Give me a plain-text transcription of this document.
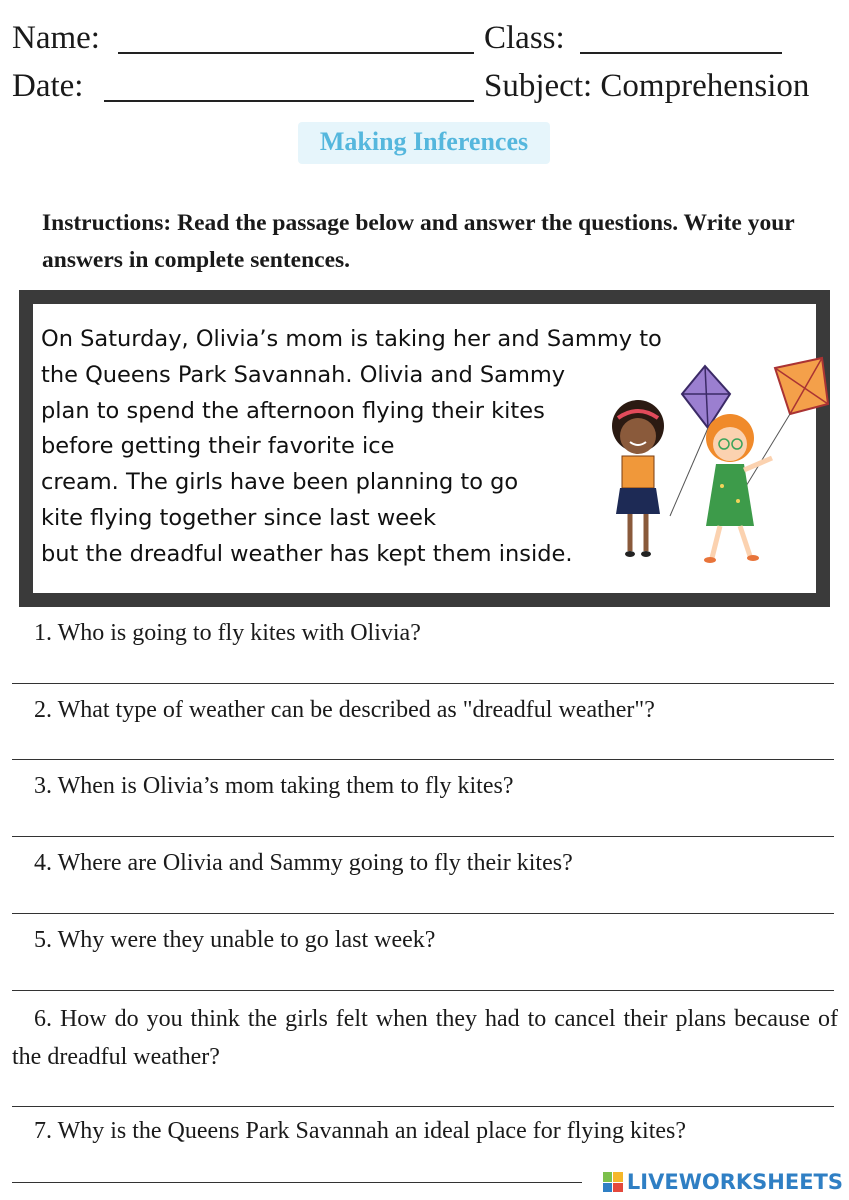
Name:	Class:
Date:	Subject: Comprehension
Making Inferences
Instructions: Read the passage below and answer the questions. Write your answers in complete sentences.
On Saturday, Olivia’s mom is taking her and Sammy to
the Queens Park Savannah. Olivia and Sammy
plan to spend the afternoon flying their kites
before getting their favorite ice
cream. The girls have been planning to go
kite flying together since last week
but the dreadful weather has kept them inside.
1. Who is going to fly kites with Olivia?
2. What type of weather can be described as "dreadful weather"?
3. When is Olivia’s mom taking them to fly kites?
4. Where are Olivia and Sammy going to fly their kites?
5. Why were they unable to go last week?
6. How do you think the girls felt when they had to cancel their plans because of the dreadful weather?
7. Why is the Queens Park Savannah an ideal place for flying kites?
LIVEWORKSHEETS
